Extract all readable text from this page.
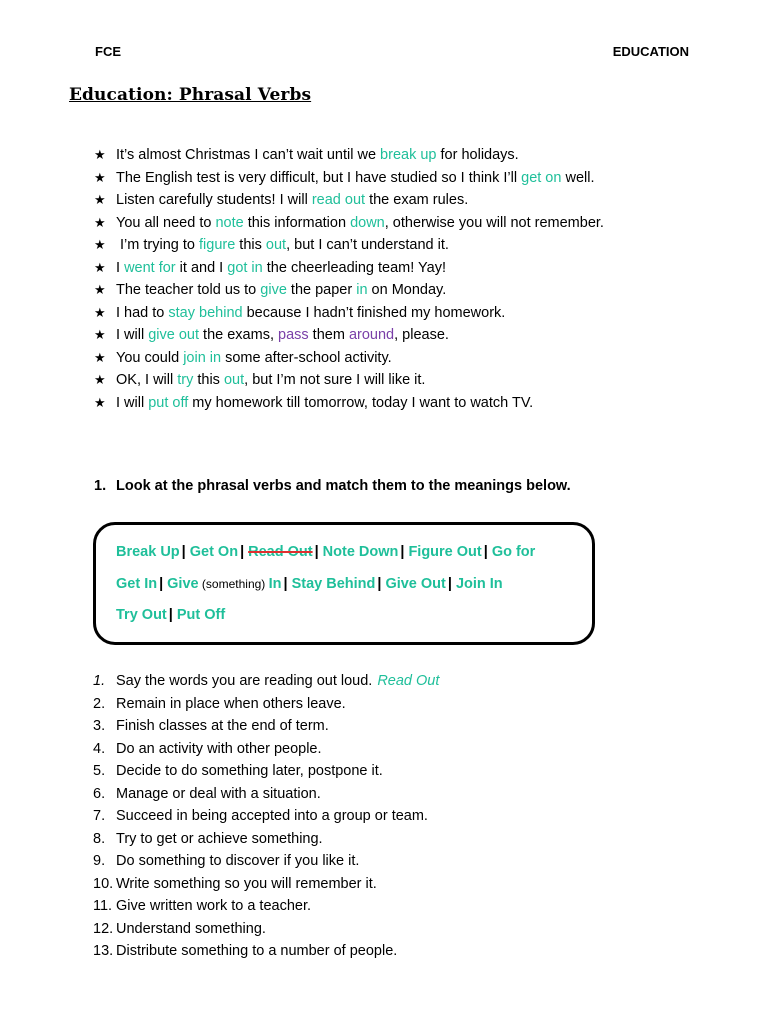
FCE	EDUCATION
Education: Phrasal Verbs
★ It’s almost Christmas I can’t wait until we break up for holidays.
★ The English test is very difficult, but I have studied so I think I’ll get on well.
★ Listen carefully students! I will read out the exam rules.
★ You all need to note this information down, otherwise you will not remember.
★ I’m trying to figure this out, but I can’t understand it.
★ I went for it and I got in the cheerleading team! Yay!
★ The teacher told us to give the paper in on Monday.
★ I had to stay behind because I hadn’t finished my homework.
★ I will give out the exams, pass them around, please.
★ You could join in some after-school activity.
★ OK, I will try this out, but I’m not sure I will like it.
★ I will put off my homework till tomorrow, today I want to watch TV.
1. Look at the phrasal verbs and match them to the meanings below.
Break Up | Get On | Read Out | Note Down | Figure Out | Go for
Get In | Give (something) In | Stay Behind | Give Out | Join In
Try Out | Put Off
1. Say the words you are reading out loud. Read Out
2. Remain in place when others leave.
3. Finish classes at the end of term.
4. Do an activity with other people.
5. Decide to do something later, postpone it.
6. Manage or deal with a situation.
7. Succeed in being accepted into a group or team.
8. Try to get or achieve something.
9. Do something to discover if you like it.
10. Write something so you will remember it.
11. Give written work to a teacher.
12. Understand something.
13. Distribute something to a number of people.
